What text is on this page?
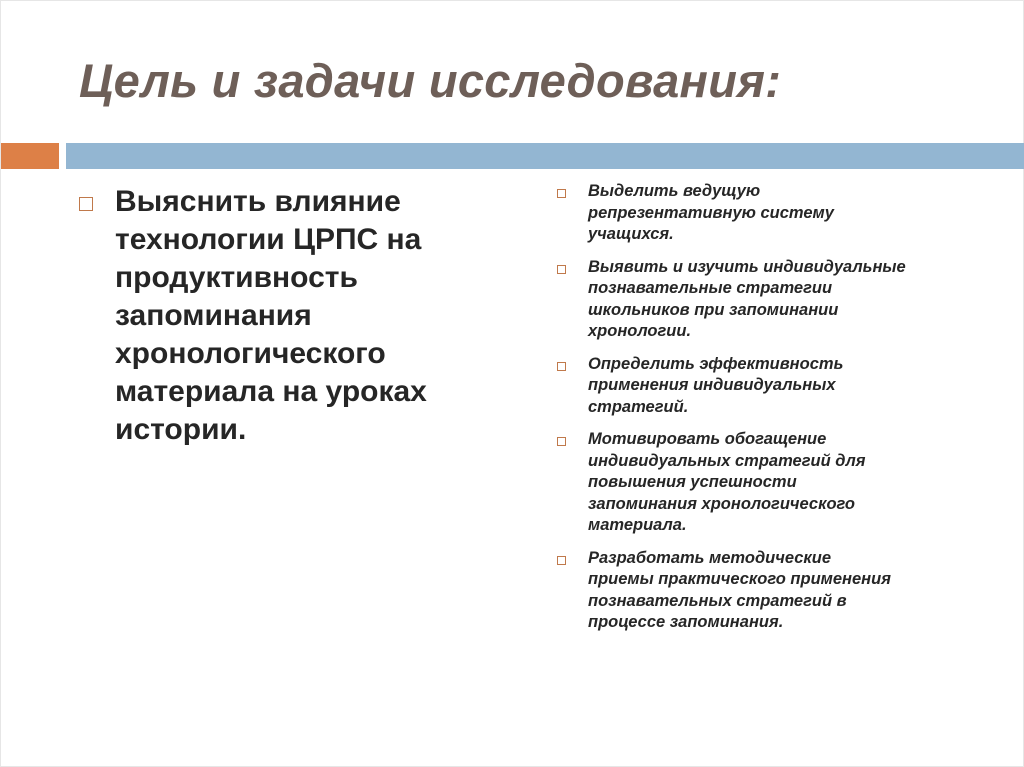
Цель и задачи исследования:
Выяснить влияние
технологии ЦРПС на
продуктивность
запоминания
хронологического
материала на уроках
истории.
Выделить ведущую
репрезентативную систему
учащихся.
Выявить и изучить индивидуальные
познавательные стратегии
школьников при запоминании
хронологии.
Определить эффективность
применения индивидуальных
стратегий.
Мотивировать обогащение
индивидуальных стратегий для
повышения успешности
запоминания хронологического
материала.
Разработать методические
приемы практического применения
познавательных стратегий в
процессе запоминания.
